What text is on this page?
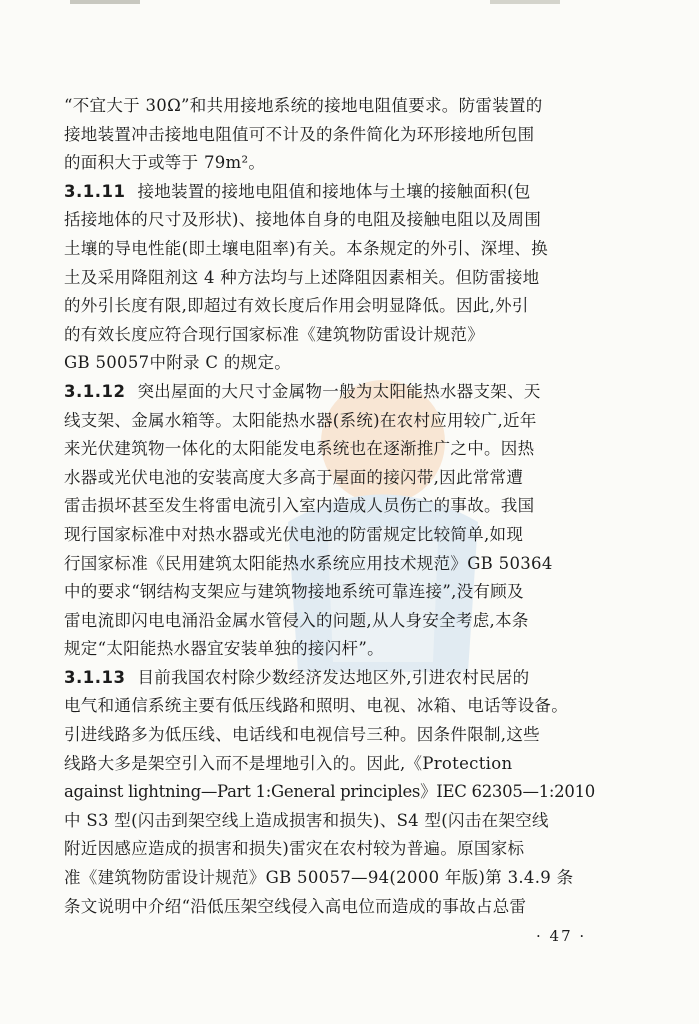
“不宜大于 30Ω”和共用接地系统的接地电阻值要求。防雷装置的
接地装置冲击接地电阻值可不计及的条件简化为环形接地所包围
的面积大于或等于 79m²。
3.1.11 接地装置的接地电阻值和接地体与土壤的接触面积(包
括接地体的尺寸及形状)、接地体自身的电阻及接触电阻以及周围
土壤的导电性能(即土壤电阻率)有关。本条规定的外引、深埋、换
土及采用降阻剂这 4 种方法均与上述降阻因素相关。但防雷接地
的外引长度有限,即超过有效长度后作用会明显降低。因此,外引
的有效长度应符合现行国家标准《建筑物防雷设计规范》
GB 50057中附录 C 的规定。
3.1.12 突出屋面的大尺寸金属物一般为太阳能热水器支架、天
线支架、金属水箱等。太阳能热水器(系统)在农村应用较广,近年
来光伏建筑物一体化的太阳能发电系统也在逐渐推广之中。因热
水器或光伏电池的安装高度大多高于屋面的接闪带,因此常常遭
雷击损坏甚至发生将雷电流引入室内造成人员伤亡的事故。我国
现行国家标准中对热水器或光伏电池的防雷规定比较简单,如现
行国家标准《民用建筑太阳能热水系统应用技术规范》GB 50364
中的要求“钢结构支架应与建筑物接地系统可靠连接”,没有顾及
雷电流即闪电电涌沿金属水管侵入的问题,从人身安全考虑,本条
规定“太阳能热水器宜安装单独的接闪杆”。
3.1.13 目前我国农村除少数经济发达地区外,引进农村民居的
电气和通信系统主要有低压线路和照明、电视、冰箱、电话等设备。
引进线路多为低压线、电话线和电视信号三种。因条件限制,这些
线路大多是架空引入而不是埋地引入的。因此,《Protection
against lightning—Part 1:General principles》IEC 62305—1:2010
中 S3 型(闪击到架空线上造成损害和损失)、S4 型(闪击在架空线
附近因感应造成的损害和损失)雷灾在农村较为普遍。原国家标
准《建筑物防雷设计规范》GB 50057—94(2000 年版)第 3.4.9 条
条文说明中介绍“沿低压架空线侵入高电位而造成的事故占总雷
· 47 ·
